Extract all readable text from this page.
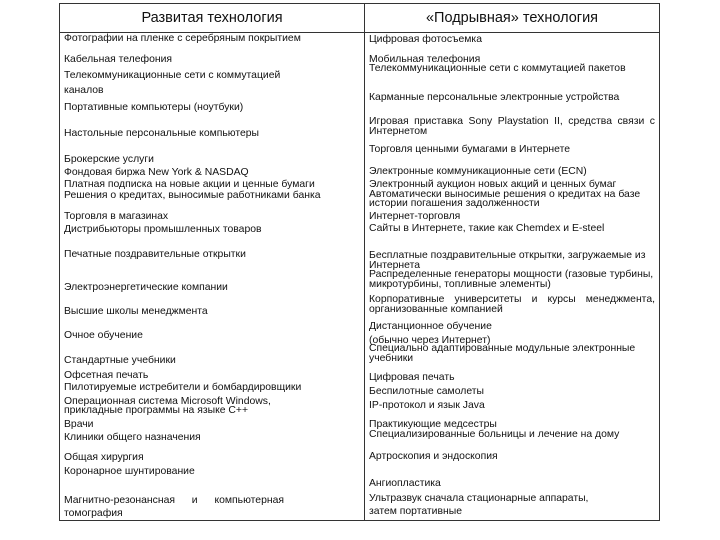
Развитая технология	«Подрывная» технология
Фотографии на пленке с серебряным покрытием
Кабельная телефония
Телекоммуникационные сети с коммутацией
каналов
Портативные компьютеры (ноутбуки)
Настольные персональные компьютеры
Брокерские услуги
Фондовая биржа New York & NASDAQ
Платная подписка на новые акции и ценные бумаги
Решения о кредитах, выносимые работниками банка
Торговля в магазинах
Дистрибьюторы промышленных товаров
Печатные поздравительные открытки
Электроэнергетические компании
Высшие школы менеджмента
Очное обучение
Стандартные учебники
Офсетная печать
Пилотируемые истребители и бомбардировщики
Операционная система Microsoft Windows,
прикладные программы на языке C++
Врачи
Клиники общего назначения
Общая хирургия
Коронарное шунтирование
Магнитно-резонансная и компьютерная томография
Цифровая фотосъемка
Мобильная телефония
Телекоммуникационные сети с коммутацией пакетов
Карманные персональные электронные устройства
Игровая приставка Sony Playstation II, средства связи с Интернетом
Торговля ценными бумагами в Интернете
Электронные коммуникационные сети (ECN)
Электронный аукцион новых акций и ценных бумаг
Автоматически выносимые решения о кредитах на базе истории погашения задолженности
Интернет-торговля
Сайты в Интернете, такие как Chemdex и E-steel
Бесплатные поздравительные открытки, загружаемые из Интернета
Распределенные генераторы мощности (газовые турбины, микротурбины, топливные элементы)
Корпоративные университеты и курсы менеджмента, организованные компанией
Дистанционное обучение
(обычно через Интернет)
Специально адаптированные модульные электронные учебники
Цифровая печать
Беспилотные самолеты
IP-протокол и язык Java
Практикующие медсестры
Специализированные больницы и лечение на дому
Артроскопия и эндоскопия
Ангиопластика
Ультразвук сначала стационарные аппараты,
затем портативные
